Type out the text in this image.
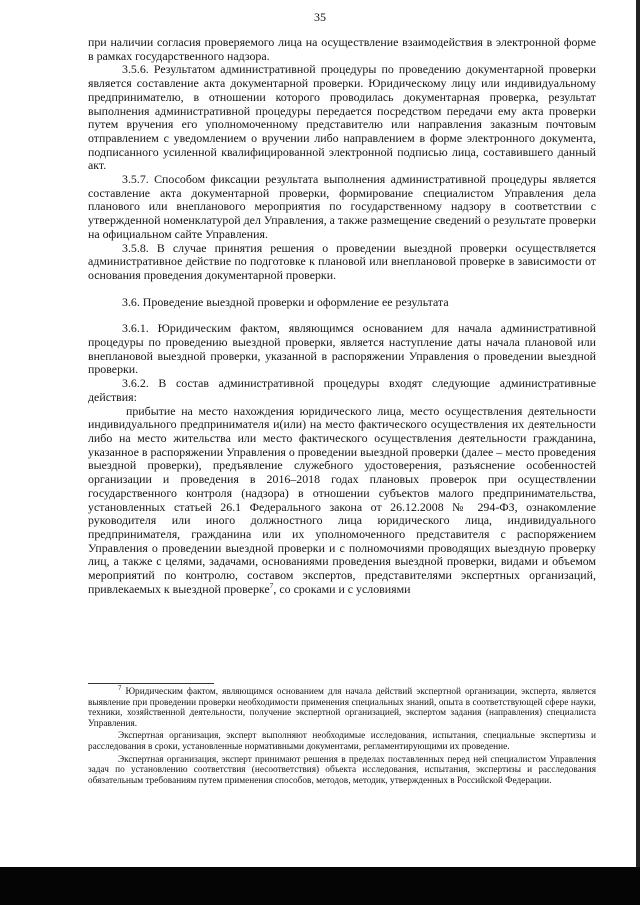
35

при наличии согласия проверяемого лица на осуществление взаимодействия в электронной форме в рамках государственного надзора.

3.5.6. Результатом административной процедуры по проведению документарной проверки является составление акта документарной проверки. Юридическому лицу или индивидуальному предпринимателю, в отношении которого проводилась документарная проверка, результат выполнения административной процедуры передается посредством передачи ему акта проверки путем вручения его уполномоченному представителю или направления заказным почтовым отправлением с уведомлением о вручении либо направлением в форме электронного документа, подписанного усиленной квалифицированной электронной подписью лица, составившего данный акт.

3.5.7. Способом фиксации результата выполнения административной процедуры является составление акта документарной проверки, формирование специалистом Управления дела планового или внепланового мероприятия по государственному надзору в соответствии с утвержденной номенклатурой дел Управления, а также размещение сведений о результате проверки на официальном сайте Управления.

3.5.8. В случае принятия решения о проведении выездной проверки осуществляется административное действие по подготовке к плановой или внеплановой проверке в зависимости от основания проведения документарной проверки.

3.6. Проведение выездной проверки и оформление ее результата

3.6.1. Юридическим фактом, являющимся основанием для начала административной процедуры по проведению выездной проверки, является наступление даты начала плановой или внеплановой выездной проверки, указанной в распоряжении Управления о проведении выездной проверки.

3.6.2. В состав административной процедуры входят следующие административные действия:

прибытие на место нахождения юридического лица, место осуществления деятельности индивидуального предпринимателя и(или) на место фактического осуществления их деятельности либо на место жительства или место фактического осуществления деятельности гражданина, указанное в распоряжении Управления о проведении выездной проверки (далее – место проведения выездной проверки), предъявление служебного удостоверения, разъяснение особенностей организации и проведения в 2016–2018 годах плановых проверок при осуществлении государственного контроля (надзора) в отношении субъектов малого предпринимательства, установленных статьей 26.1 Федерального закона от 26.12.2008 № 294-ФЗ, ознакомление руководителя или иного должностного лица юридического лица, индивидуального предпринимателя, гражданина или их уполномоченного представителя с распоряжением Управления о проведении выездной проверки и с полномочиями проводящих выездную проверку лиц, а также с целями, задачами, основаниями проведения выездной проверки, видами и объемом мероприятий по контролю, составом экспертов, представителями экспертных организаций, привлекаемых к выездной проверке$^7$, со сроками и с условиями

$^7$ Юридическим фактом, являющимся основанием для начала действий экспертной организации, эксперта, является выявление при проведении проверки необходимости применения специальных знаний, опыта в соответствующей сфере науки, техники, хозяйственной деятельности, получение экспертной организацией, экспертом задания (направления) специалиста Управления.

Экспертная организация, эксперт выполняют необходимые исследования, испытания, специальные экспертизы и расследования в сроки, установленные нормативными документами, регламентирующими их проведение.

Экспертная организация, эксперт принимают решения в пределах поставленных перед ней специалистом Управления задач по установлению соответствия (несоответствия) объекта исследования, испытания, экспертизы и расследования обязательным требованиям путем применения способов, методов, методик, утвержденных в Российской Федерации.
